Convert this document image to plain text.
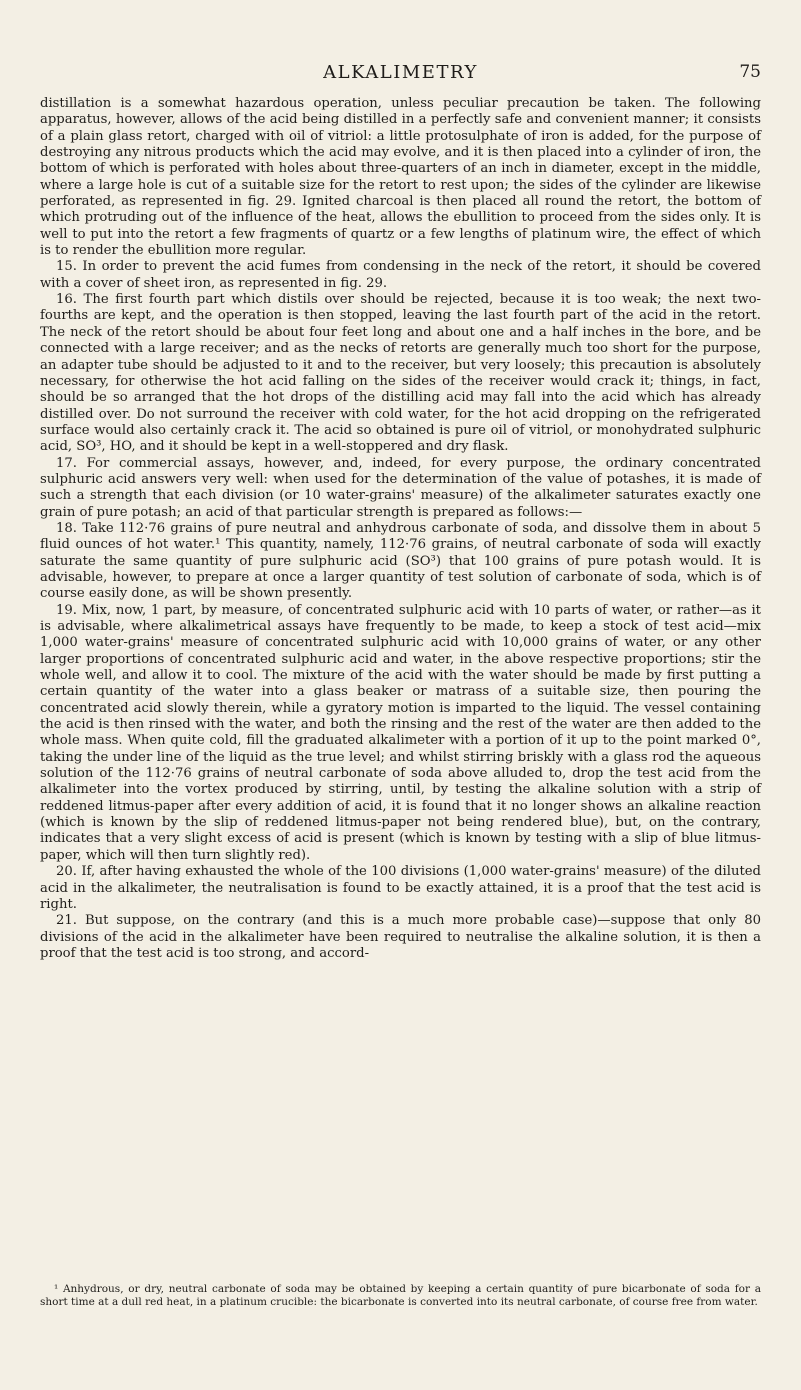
ALKALIMETRY	75

distillation is a somewhat hazardous operation, unless peculiar precaution be taken. The following apparatus, however, allows of the acid being distilled in a perfectly safe and convenient manner; it consists of a plain glass retort, charged with oil of vitriol: a little protosulphate of iron is added, for the purpose of destroying any nitrous products which the acid may evolve, and it is then placed into a cylinder of iron, the bottom of which is perforated with holes about three-quarters of an inch in diameter, except in the middle, where a large hole is cut of a suitable size for the retort to rest upon; the sides of the cylinder are likewise perforated, as represented in fig. 29. Ignited charcoal is then placed all round the retort, the bottom of which protruding out of the influence of the heat, allows the ebullition to proceed from the sides only. It is well to put into the retort a few fragments of quartz or a few lengths of platinum wire, the effect of which is to render the ebullition more regular.

15. In order to prevent the acid fumes from condensing in the neck of the retort, it should be covered with a cover of sheet iron, as represented in fig. 29.

16. The first fourth part which distils over should be rejected, because it is too weak; the next two-fourths are kept, and the operation is then stopped, leaving the last fourth part of the acid in the retort. The neck of the retort should be about four feet long and about one and a half inches in the bore, and be connected with a large receiver; and as the necks of retorts are generally much too short for the purpose, an adapter tube should be adjusted to it and to the receiver, but very loosely; this precaution is absolutely necessary, for otherwise the hot acid falling on the sides of the receiver would crack it; things, in fact, should be so arranged that the hot drops of the distilling acid may fall into the acid which has already distilled over. Do not surround the receiver with cold water, for the hot acid dropping on the refrigerated surface would also certainly crack it. The acid so obtained is pure oil of vitriol, or monohydrated sulphuric acid, SO³, HO, and it should be kept in a well-stoppered and dry flask.

17. For commercial assays, however, and, indeed, for every purpose, the ordinary concentrated sulphuric acid answers very well: when used for the determination of the value of potashes, it is made of such a strength that each division (or 10 water-grains' measure) of the alkalimeter saturates exactly one grain of pure potash; an acid of that particular strength is prepared as follows:—

18. Take 112·76 grains of pure neutral and anhydrous carbonate of soda, and dissolve them in about 5 fluid ounces of hot water.¹ This quantity, namely, 112·76 grains, of neutral carbonate of soda will exactly saturate the same quantity of pure sulphuric acid (SO³) that 100 grains of pure potash would. It is advisable, however, to prepare at once a larger quantity of test solution of carbonate of soda, which is of course easily done, as will be shown presently.

19. Mix, now, 1 part, by measure, of concentrated sulphuric acid with 10 parts of water, or rather—as it is advisable, where alkalimetrical assays have frequently to be made, to keep a stock of test acid—mix 1,000 water-grains' measure of concentrated sulphuric acid with 10,000 grains of water, or any other larger proportions of concentrated sulphuric acid and water, in the above respective proportions; stir the whole well, and allow it to cool. The mixture of the acid with the water should be made by first putting a certain quantity of the water into a glass beaker or matrass of a suitable size, then pouring the concentrated acid slowly therein, while a gyratory motion is imparted to the liquid. The vessel containing the acid is then rinsed with the water, and both the rinsing and the rest of the water are then added to the whole mass. When quite cold, fill the graduated alkalimeter with a portion of it up to the point marked 0°, taking the under line of the liquid as the true level; and whilst stirring briskly with a glass rod the aqueous solution of the 112·76 grains of neutral carbonate of soda above alluded to, drop the test acid from the alkalimeter into the vortex produced by stirring, until, by testing the alkaline solution with a strip of reddened litmus-paper after every addition of acid, it is found that it no longer shows an alkaline reaction (which is known by the slip of reddened litmus-paper not being rendered blue), but, on the contrary, indicates that a very slight excess of acid is present (which is known by testing with a slip of blue litmus-paper, which will then turn slightly red).

20. If, after having exhausted the whole of the 100 divisions (1,000 water-grains' measure) of the diluted acid in the alkalimeter, the neutralisation is found to be exactly attained, it is a proof that the test acid is right.

21. But suppose, on the contrary (and this is a much more probable case)—suppose that only 80 divisions of the acid in the alkalimeter have been required to neutralise the alkaline solution, it is then a proof that the test acid is too strong, and accord-

¹ Anhydrous, or dry, neutral carbonate of soda may be obtained by keeping a certain quantity of pure bicarbonate of soda for a short time at a dull red heat, in a platinum crucible: the bicarbonate is converted into its neutral carbonate, of course free from water.
